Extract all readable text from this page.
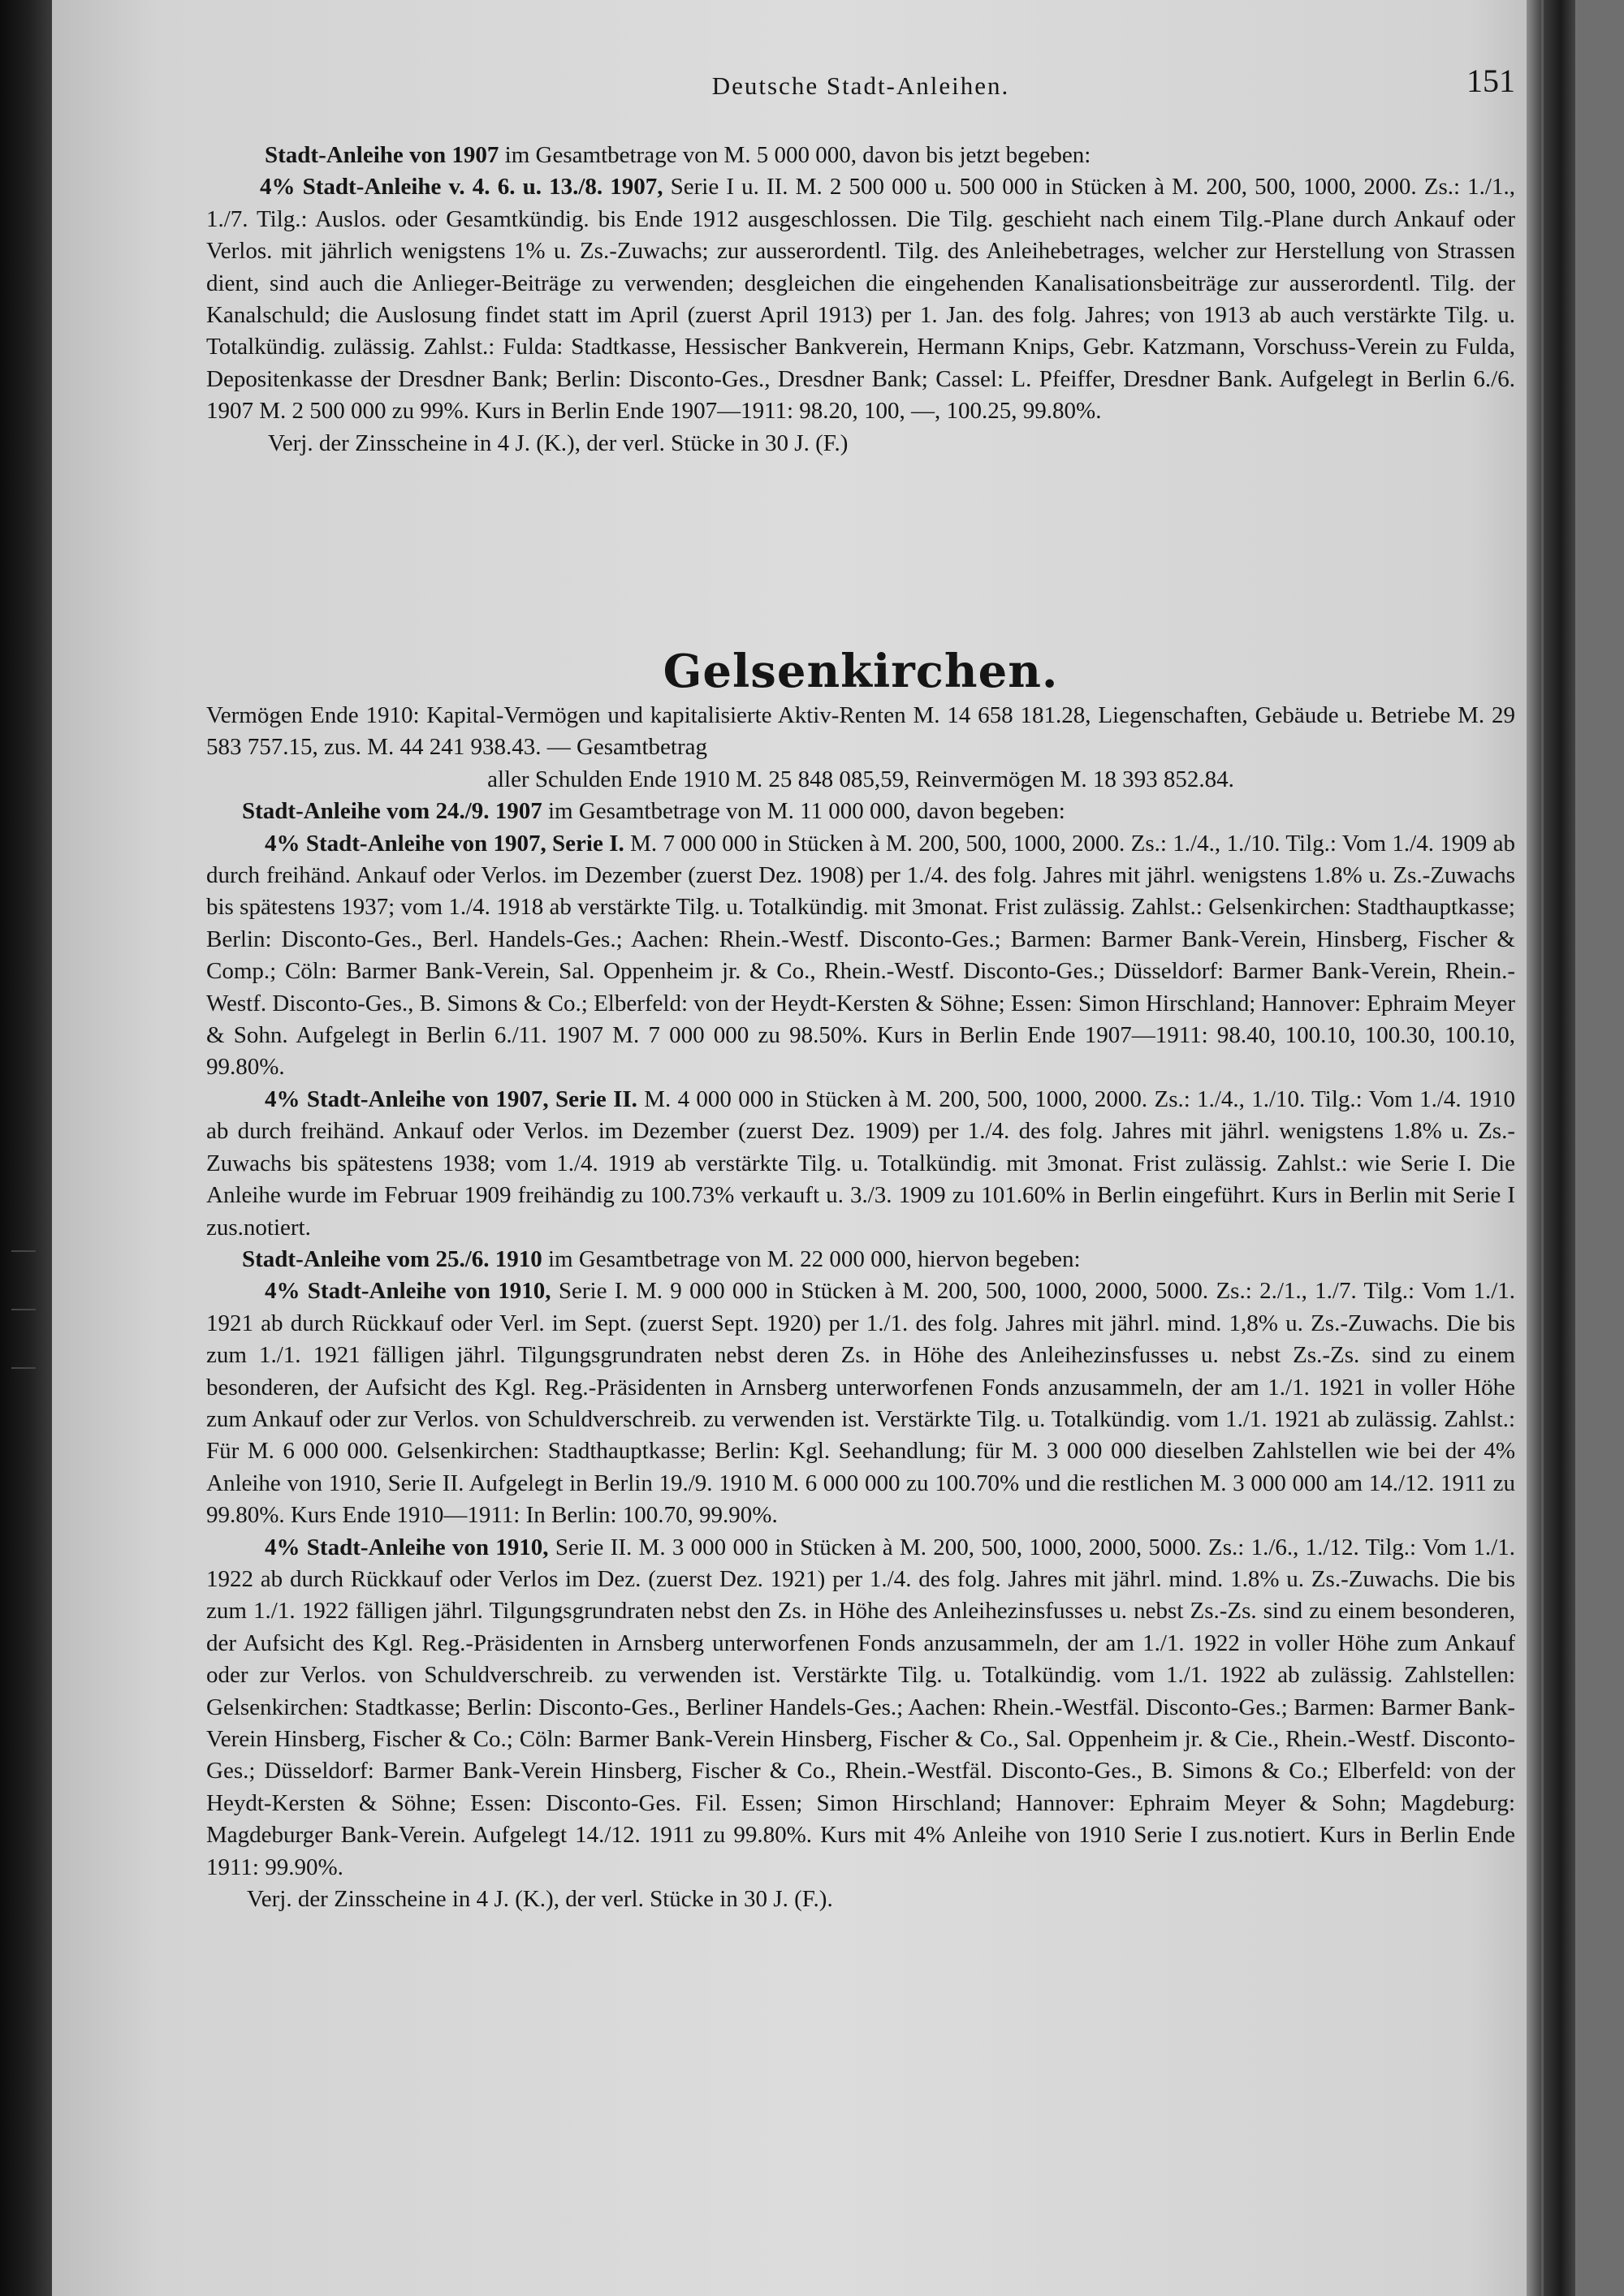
Deutsche Stadt-Anleihen.	151

Stadt-Anleihe von 1907 im Gesamtbetrage von M. 5 000 000, davon bis jetzt begeben:

4% Stadt-Anleihe v. 4. 6. u. 13./8. 1907, Serie I u. II. M. 2 500 000 u. 500 000 in Stücken à M. 200, 500, 1000, 2000. Zs.: 1./1., 1./7. Tilg.: Auslos. oder Gesamtkündig. bis Ende 1912 ausgeschlossen. Die Tilg. geschieht nach einem Tilg.-Plane durch Ankauf oder Verlos. mit jährlich wenigstens 1% u. Zs.-Zuwachs; zur ausserordentl. Tilg. des Anleihebetrages, welcher zur Herstellung von Strassen dient, sind auch die Anlieger-Beiträge zu verwenden; desgleichen die eingehenden Kanalisationsbeiträge zur ausserordentl. Tilg. der Kanalschuld; die Auslosung findet statt im April (zuerst April 1913) per 1. Jan. des folg. Jahres; von 1913 ab auch verstärkte Tilg. u. Totalkündig. zulässig. Zahlst.: Fulda: Stadtkasse, Hessischer Bankverein, Hermann Knips, Gebr. Katzmann, Vorschuss-Verein zu Fulda, Depositenkasse der Dresdner Bank; Berlin: Disconto-Ges., Dresdner Bank; Cassel: L. Pfeiffer, Dresdner Bank. Aufgelegt in Berlin 6./6. 1907 M. 2 500 000 zu 99%. Kurs in Berlin Ende 1907—1911: 98.20, 100, —, 100.25, 99.80%.

Verj. der Zinsscheine in 4 J. (K.), der verl. Stücke in 30 J. (F.)

Gelsenkirchen.

Vermögen Ende 1910: Kapital-Vermögen und kapitalisierte Aktiv-Renten M. 14 658 181.28, Liegenschaften, Gebäude u. Betriebe M. 29 583 757.15, zus. M. 44 241 938.43. — Gesamtbetrag

aller Schulden Ende 1910 M. 25 848 085,59, Reinvermögen M. 18 393 852.84.

Stadt-Anleihe vom 24./9. 1907 im Gesamtbetrage von M. 11 000 000, davon begeben:

4% Stadt-Anleihe von 1907, Serie I. M. 7 000 000 in Stücken à M. 200, 500, 1000, 2000. Zs.: 1./4., 1./10. Tilg.: Vom 1./4. 1909 ab durch freihänd. Ankauf oder Verlos. im Dezember (zuerst Dez. 1908) per 1./4. des folg. Jahres mit jährl. wenigstens 1.8% u. Zs.-Zuwachs bis spätestens 1937; vom 1./4. 1918 ab verstärkte Tilg. u. Totalkündig. mit 3monat. Frist zulässig. Zahlst.: Gelsenkirchen: Stadthauptkasse; Berlin: Disconto-Ges., Berl. Handels-Ges.; Aachen: Rhein.-Westf. Disconto-Ges.; Barmen: Barmer Bank-Verein, Hinsberg, Fischer & Comp.; Cöln: Barmer Bank-Verein, Sal. Oppenheim jr. & Co., Rhein.-Westf. Disconto-Ges.; Düsseldorf: Barmer Bank-Verein, Rhein.-Westf. Disconto-Ges., B. Simons & Co.; Elberfeld: von der Heydt-Kersten & Söhne; Essen: Simon Hirschland; Hannover: Ephraim Meyer & Sohn. Aufgelegt in Berlin 6./11. 1907 M. 7 000 000 zu 98.50%. Kurs in Berlin Ende 1907—1911: 98.40, 100.10, 100.30, 100.10, 99.80%.

4% Stadt-Anleihe von 1907, Serie II. M. 4 000 000 in Stücken à M. 200, 500, 1000, 2000. Zs.: 1./4., 1./10. Tilg.: Vom 1./4. 1910 ab durch freihänd. Ankauf oder Verlos. im Dezember (zuerst Dez. 1909) per 1./4. des folg. Jahres mit jährl. wenigstens 1.8% u. Zs.-Zuwachs bis spätestens 1938; vom 1./4. 1919 ab verstärkte Tilg. u. Totalkündig. mit 3monat. Frist zulässig. Zahlst.: wie Serie I. Die Anleihe wurde im Februar 1909 freihändig zu 100.73% verkauft u. 3./3. 1909 zu 101.60% in Berlin eingeführt. Kurs in Berlin mit Serie I zus.notiert.

Stadt-Anleihe vom 25./6. 1910 im Gesamtbetrage von M. 22 000 000, hiervon begeben:

4% Stadt-Anleihe von 1910, Serie I. M. 9 000 000 in Stücken à M. 200, 500, 1000, 2000, 5000. Zs.: 2./1., 1./7. Tilg.: Vom 1./1. 1921 ab durch Rückkauf oder Verl. im Sept. (zuerst Sept. 1920) per 1./1. des folg. Jahres mit jährl. mind. 1,8% u. Zs.-Zuwachs. Die bis zum 1./1. 1921 fälligen jährl. Tilgungsgrundraten nebst deren Zs. in Höhe des Anleihezinsfusses u. nebst Zs.-Zs. sind zu einem besonderen, der Aufsicht des Kgl. Reg.-Präsidenten in Arnsberg unterworfenen Fonds anzusammeln, der am 1./1. 1921 in voller Höhe zum Ankauf oder zur Verlos. von Schuldverschreib. zu verwenden ist. Verstärkte Tilg. u. Totalkündig. vom 1./1. 1921 ab zulässig. Zahlst.: Für M. 6 000 000. Gelsenkirchen: Stadthauptkasse; Berlin: Kgl. Seehandlung; für M. 3 000 000 dieselben Zahlstellen wie bei der 4% Anleihe von 1910, Serie II. Aufgelegt in Berlin 19./9. 1910 M. 6 000 000 zu 100.70% und die restlichen M. 3 000 000 am 14./12. 1911 zu 99.80%. Kurs Ende 1910—1911: In Berlin: 100.70, 99.90%.

4% Stadt-Anleihe von 1910, Serie II. M. 3 000 000 in Stücken à M. 200, 500, 1000, 2000, 5000. Zs.: 1./6., 1./12. Tilg.: Vom 1./1. 1922 ab durch Rückkauf oder Verlos im Dez. (zuerst Dez. 1921) per 1./4. des folg. Jahres mit jährl. mind. 1.8% u. Zs.-Zuwachs. Die bis zum 1./1. 1922 fälligen jährl. Tilgungsgrundraten nebst den Zs. in Höhe des Anleihezinsfusses u. nebst Zs.-Zs. sind zu einem besonderen, der Aufsicht des Kgl. Reg.-Präsidenten in Arnsberg unterworfenen Fonds anzusammeln, der am 1./1. 1922 in voller Höhe zum Ankauf oder zur Verlos. von Schuldverschreib. zu verwenden ist. Verstärkte Tilg. u. Totalkündig. vom 1./1. 1922 ab zulässig. Zahlstellen: Gelsenkirchen: Stadtkasse; Berlin: Disconto-Ges., Berliner Handels-Ges.; Aachen: Rhein.-Westfäl. Disconto-Ges.; Barmen: Barmer Bank-Verein Hinsberg, Fischer & Co.; Cöln: Barmer Bank-Verein Hinsberg, Fischer & Co., Sal. Oppenheim jr. & Cie., Rhein.-Westf. Disconto-Ges.; Düsseldorf: Barmer Bank-Verein Hinsberg, Fischer & Co., Rhein.-Westfäl. Disconto-Ges., B. Simons & Co.; Elberfeld: von der Heydt-Kersten & Söhne; Essen: Disconto-Ges. Fil. Essen; Simon Hirschland; Hannover: Ephraim Meyer & Sohn; Magdeburg: Magdeburger Bank-Verein. Aufgelegt 14./12. 1911 zu 99.80%. Kurs mit 4% Anleihe von 1910 Serie I zus.notiert. Kurs in Berlin Ende 1911: 99.90%.

Verj. der Zinsscheine in 4 J. (K.), der verl. Stücke in 30 J. (F.).
